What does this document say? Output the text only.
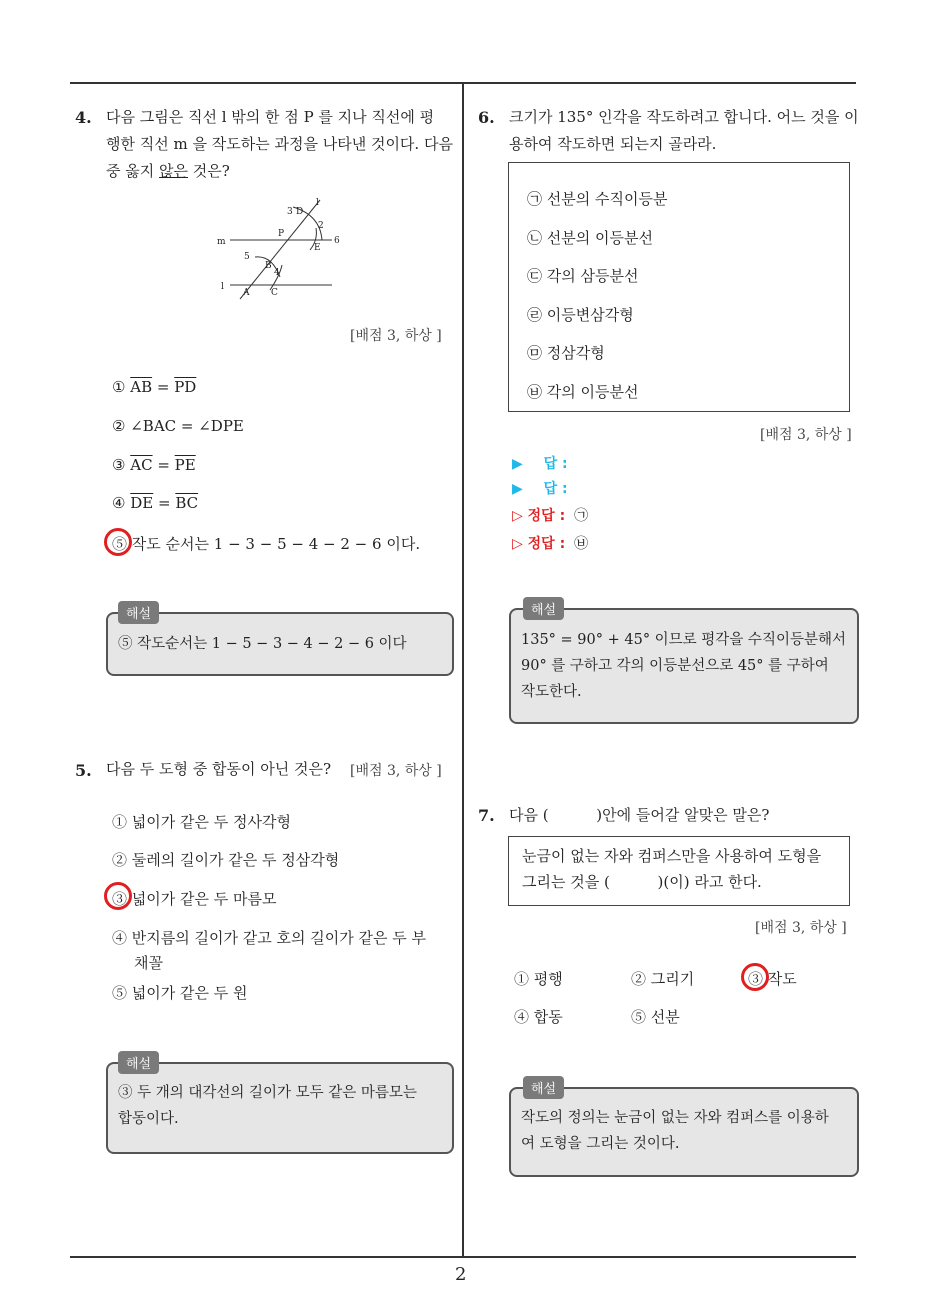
2
4. 다음 그림은 직선 l 밖의 한 점 P 를 지나 직선에 평
행한 직선 m 을 작도하는 과정을 나타낸 것이다. 다음
중 옳지 않은 것은?
l
3 D
2
P
m
E
6
5
B
4
l
A C
[배점 3, 하상 ]
① $\overline{AB} = \overline{PD}$
② ∠BAC = ∠DPE
③ $\overline{AC} = \overline{PE}$
④ $\overline{DE} = \overline{BC}$
⑤ 작도 순서는 1 − 3 − 5 − 4 − 2 − 6 이다.
해설
⑤ 작도순서는 1 − 5 − 3 − 4 − 2 − 6 이다
5. 다음 두 도형 중 합동이 아닌 것은? [배점 3, 하상 ]
① 넓이가 같은 두 정사각형
② 둘레의 길이가 같은 두 정삼각형
③ 넓이가 같은 두 마름모
④ 반지름의 길이가 같고 호의 길이가 같은 두 부
채꼴
⑤ 넓이가 같은 두 원
해설
③ 두 개의 대각선의 길이가 모두 같은 마름모는
합동이다.
6. 크기가 135° 인각을 작도하려고 합니다. 어느 것을 이
용하여 작도하면 되는지 골라라.
㉠ 선분의 수직이등분
㉡ 선분의 이등분선
㉢ 각의 삼등분선
㉣ 이등변삼각형
㉤ 정삼각형
㉥ 각의 이등분선
[배점 3, 하상 ]
▶ 답 :
▶ 답 :
▷ 정답 : ㉠
▷ 정답 : ㉥
해설
135° = 90° + 45° 이므로 평각을 수직이등분해서
90° 를 구하고 각의 이등분선으로 45° 를 구하여
작도한다.
7. 다음 (          )안에 들어갈 알맞은 말은?
눈금이 없는 자와 컴퍼스만을 사용하여 도형을
그리는 것을 (          )(이) 라고 한다.
[배점 3, 하상 ]
① 평행	② 그리기	③ 작도
④ 합동	⑤ 선분
해설
작도의 정의는 눈금이 없는 자와 컴퍼스를 이용하
여 도형을 그리는 것이다.
